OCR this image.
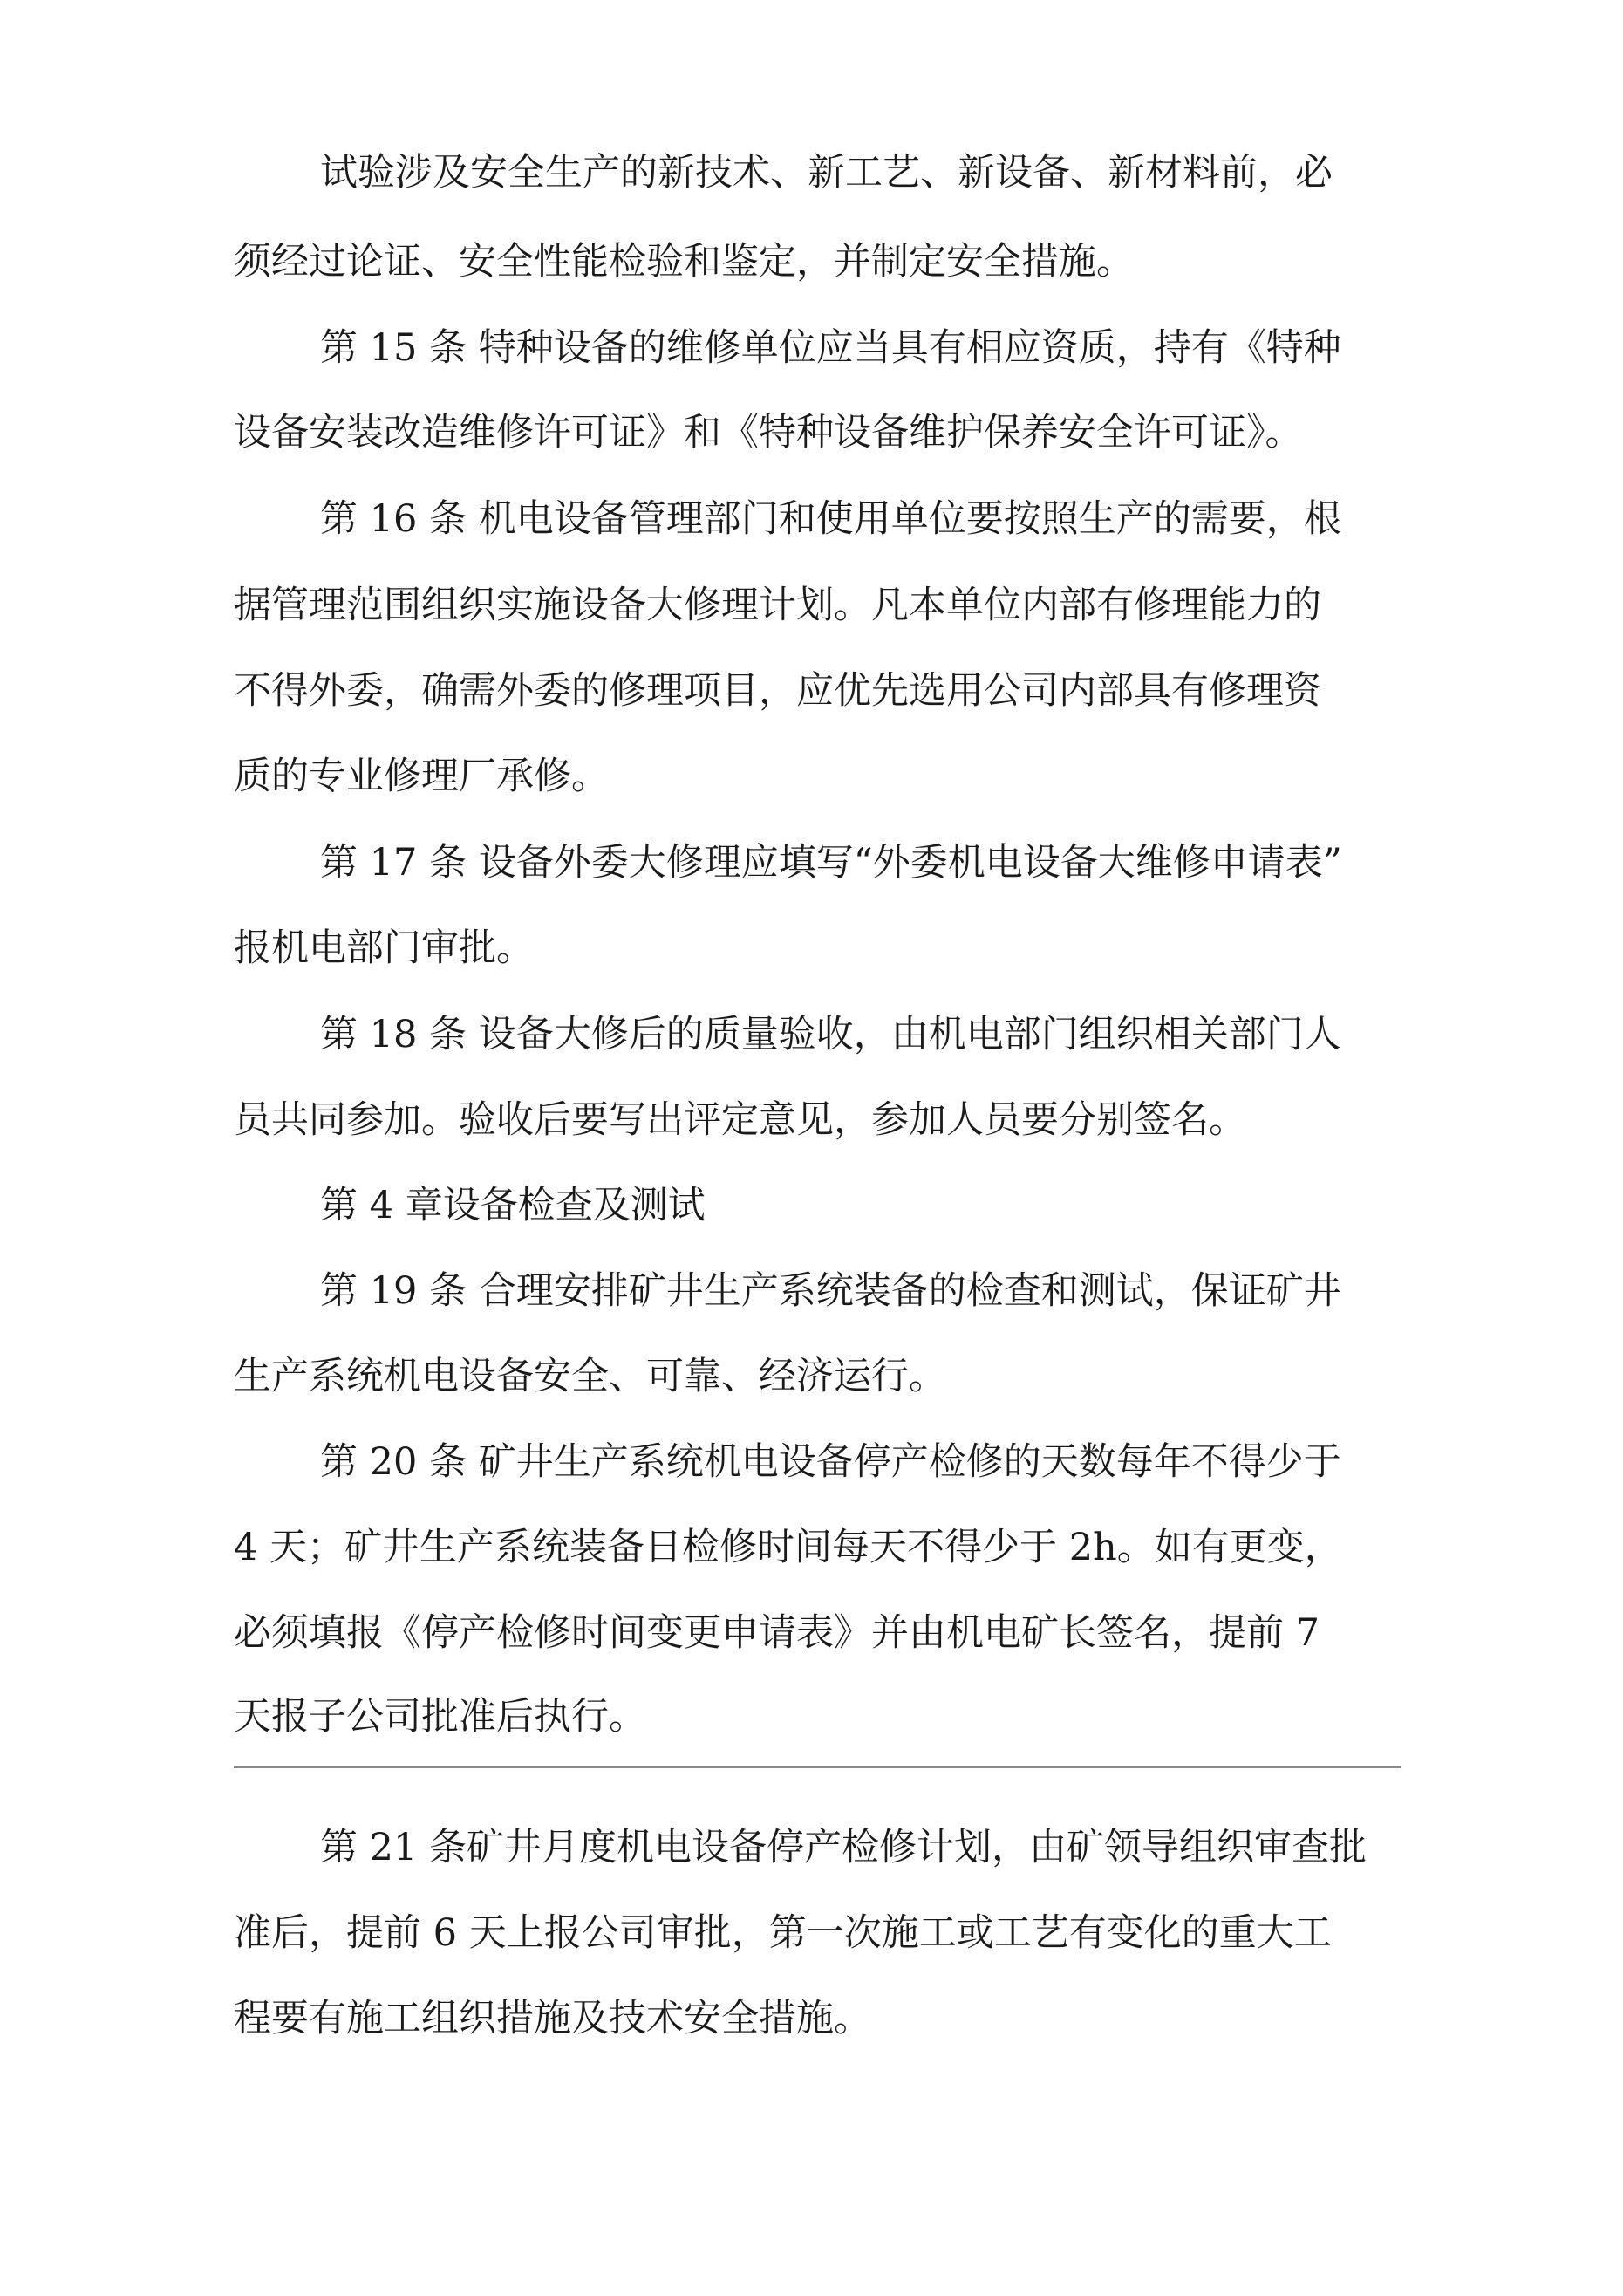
试验涉及安全生产的新技术、新工艺、新设备、新材料前，必
须经过论证、安全性能检验和鉴定，并制定安全措施。
第 15 条 特种设备的维修单位应当具有相应资质，持有《特种
设备安装改造维修许可证》和《特种设备维护保养安全许可证》。
第 16 条 机电设备管理部门和使用单位要按照生产的需要，根
据管理范围组织实施设备大修理计划。凡本单位内部有修理能力的
不得外委，确需外委的修理项目，应优先选用公司内部具有修理资
质的专业修理厂承修。
第 17 条 设备外委大修理应填写“外委机电设备大维修申请表”
报机电部门审批。
第 18 条 设备大修后的质量验收，由机电部门组织相关部门人
员共同参加。验收后要写出评定意见，参加人员要分别签名。
第 4 章设备检查及测试
第 19 条 合理安排矿井生产系统装备的检查和测试，保证矿井
生产系统机电设备安全、可靠、经济运行。
第 20 条 矿井生产系统机电设备停产检修的天数每年不得少于
4 天；矿井生产系统装备日检修时间每天不得少于 2h。如有更变，
必须填报《停产检修时间变更申请表》并由机电矿长签名，提前 7
天报子公司批准后执行。
第 21 条矿井月度机电设备停产检修计划，由矿领导组织审查批
准后，提前 6 天上报公司审批，第一次施工或工艺有变化的重大工
程要有施工组织措施及技术安全措施。
